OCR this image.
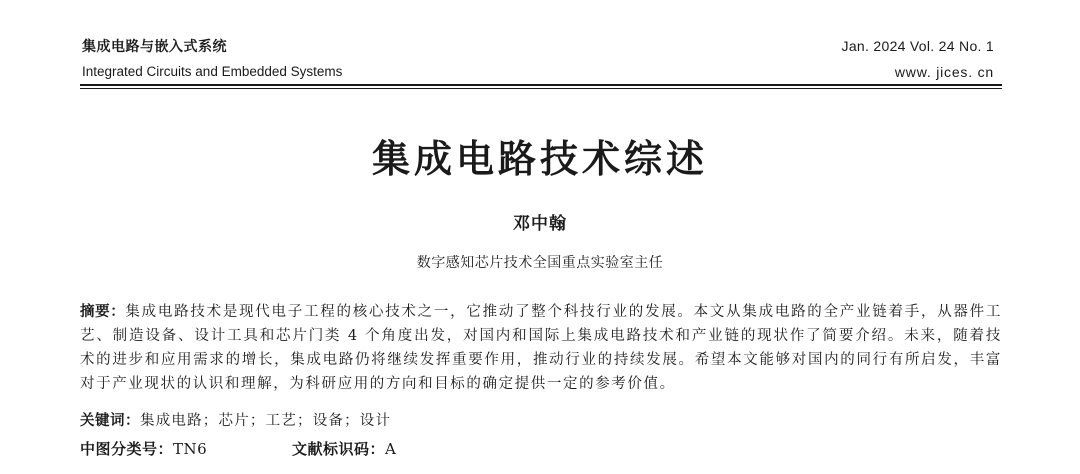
集成电路与嵌入式系统
Integrated Circuits and Embedded Systems
Jan. 2024 Vol. 24 No. 1
www. jices. cn
集成电路技术综述
邓中翰
数字感知芯片技术全国重点实验室主任
摘要：集成电路技术是现代电子工程的核心技术之一，它推动了整个科技行业的发展。本文从集成电路的全产业链着手，从器件工艺、制造设备、设计工具和芯片门类 4 个角度出发，对国内和国际上集成电路技术和产业链的现状作了简要介绍。未来，随着技术的进步和应用需求的增长，集成电路仍将继续发挥重要作用，推动行业的持续发展。希望本文能够对国内的同行有所启发，丰富对于产业现状的认识和理解，为科研应用的方向和目标的确定提供一定的参考价值。
关键词：集成电路；芯片；工艺；设备；设计
中图分类号：TN6	文献标识码：A
